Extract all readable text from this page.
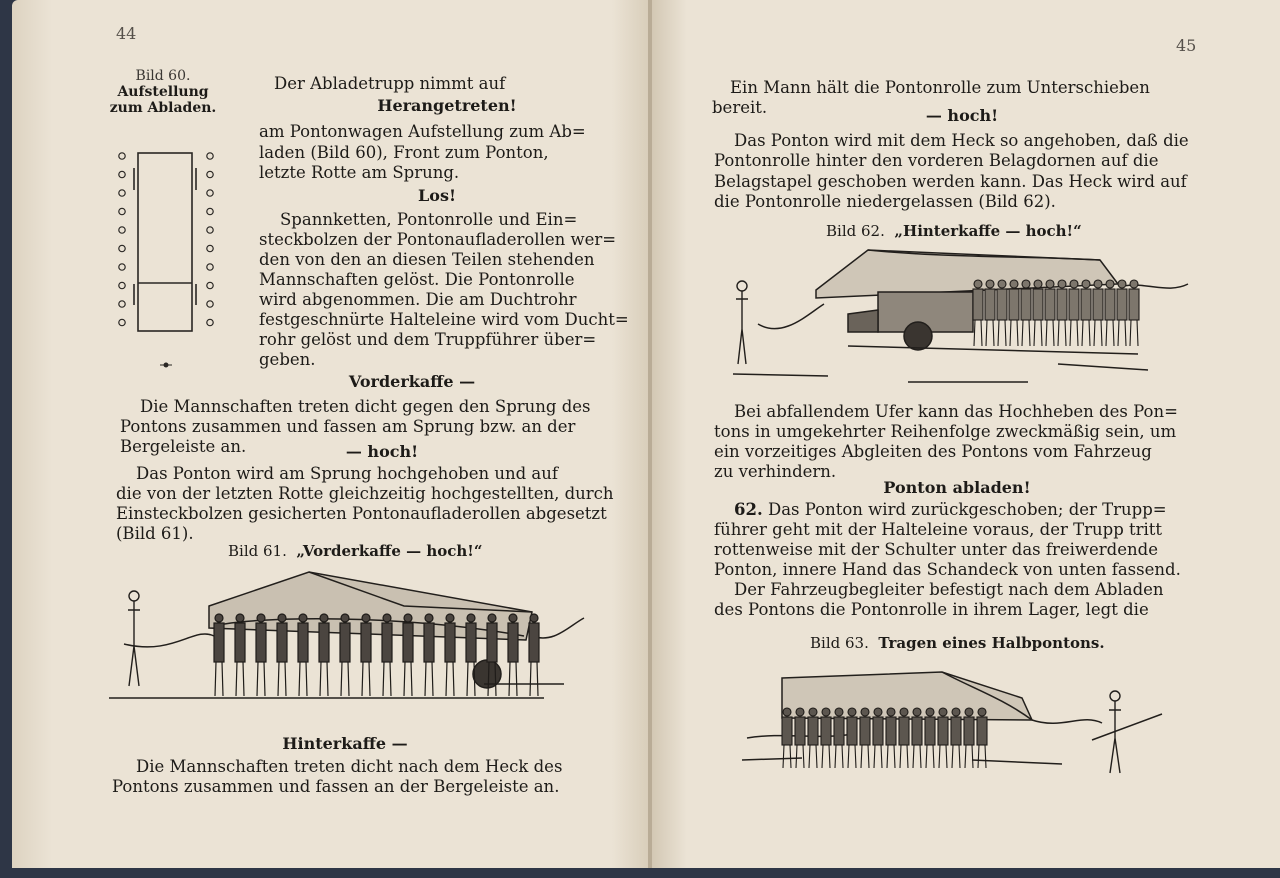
44
Bild 60.
Aufstellung
zum Abladen.
Der Abladetrupp nimmt auf
Herangetreten!
am Pontonwagen Aufstellung zum Ab=
laden (Bild 60), Front zum Ponton,
letzte Rotte am Sprung.
Los!
Spannketten, Pontonrolle und Ein=
steckbolzen der Pontonaufladerollen wer=
den von den an diesen Teilen stehenden
Mannschaften gelöst. Die Pontonrolle
wird abgenommen. Die am Duchtrohr
festgeschnürte Halteleine wird vom Ducht=
rohr gelöst und dem Truppführer über=
geben.
Vorderkaffe —
Die Mannschaften treten dicht gegen den Sprung des
Pontons zusammen und fassen am Sprung bzw. an der
Bergeleiste an.	— hoch!
Das Ponton wird am Sprung hochgehoben und auf
die von der letzten Rotte gleichzeitig hochgestellten, durch
Einsteckbolzen gesicherten Pontonaufladerollen abgesetzt
(Bild 61).
Bild 61. „Vorderkaffe — hoch!“
Hinterkaffe —
Die Mannschaften treten dicht nach dem Heck des
Pontons zusammen und fassen an der Bergeleiste an.
45
Ein Mann hält die Pontonrolle zum Unterschieben
bereit.	— hoch!
Das Ponton wird mit dem Heck so angehoben, daß die
Pontonrolle hinter den vorderen Belagdornen auf die
Belagstapel geschoben werden kann. Das Heck wird auf
die Pontonrolle niedergelassen (Bild 62).
Bild 62. „Hinterkaffe — hoch!“
Bei abfallendem Ufer kann das Hochheben des Pon=
tons in umgekehrter Reihenfolge zweckmäßig sein, um
ein vorzeitiges Abgleiten des Pontons vom Fahrzeug
zu verhindern.
Ponton abladen!
62. Das Ponton wird zurückgeschoben; der Trupp=
führer geht mit der Halteleine voraus, der Trupp tritt
rottenweise mit der Schulter unter das freiwerdende
Ponton, innere Hand das Schandeck von unten fassend.
Der Fahrzeugbegleiter befestigt nach dem Abladen
des Pontons die Pontonrolle in ihrem Lager, legt die
Bild 63. Tragen eines Halbpontons.
